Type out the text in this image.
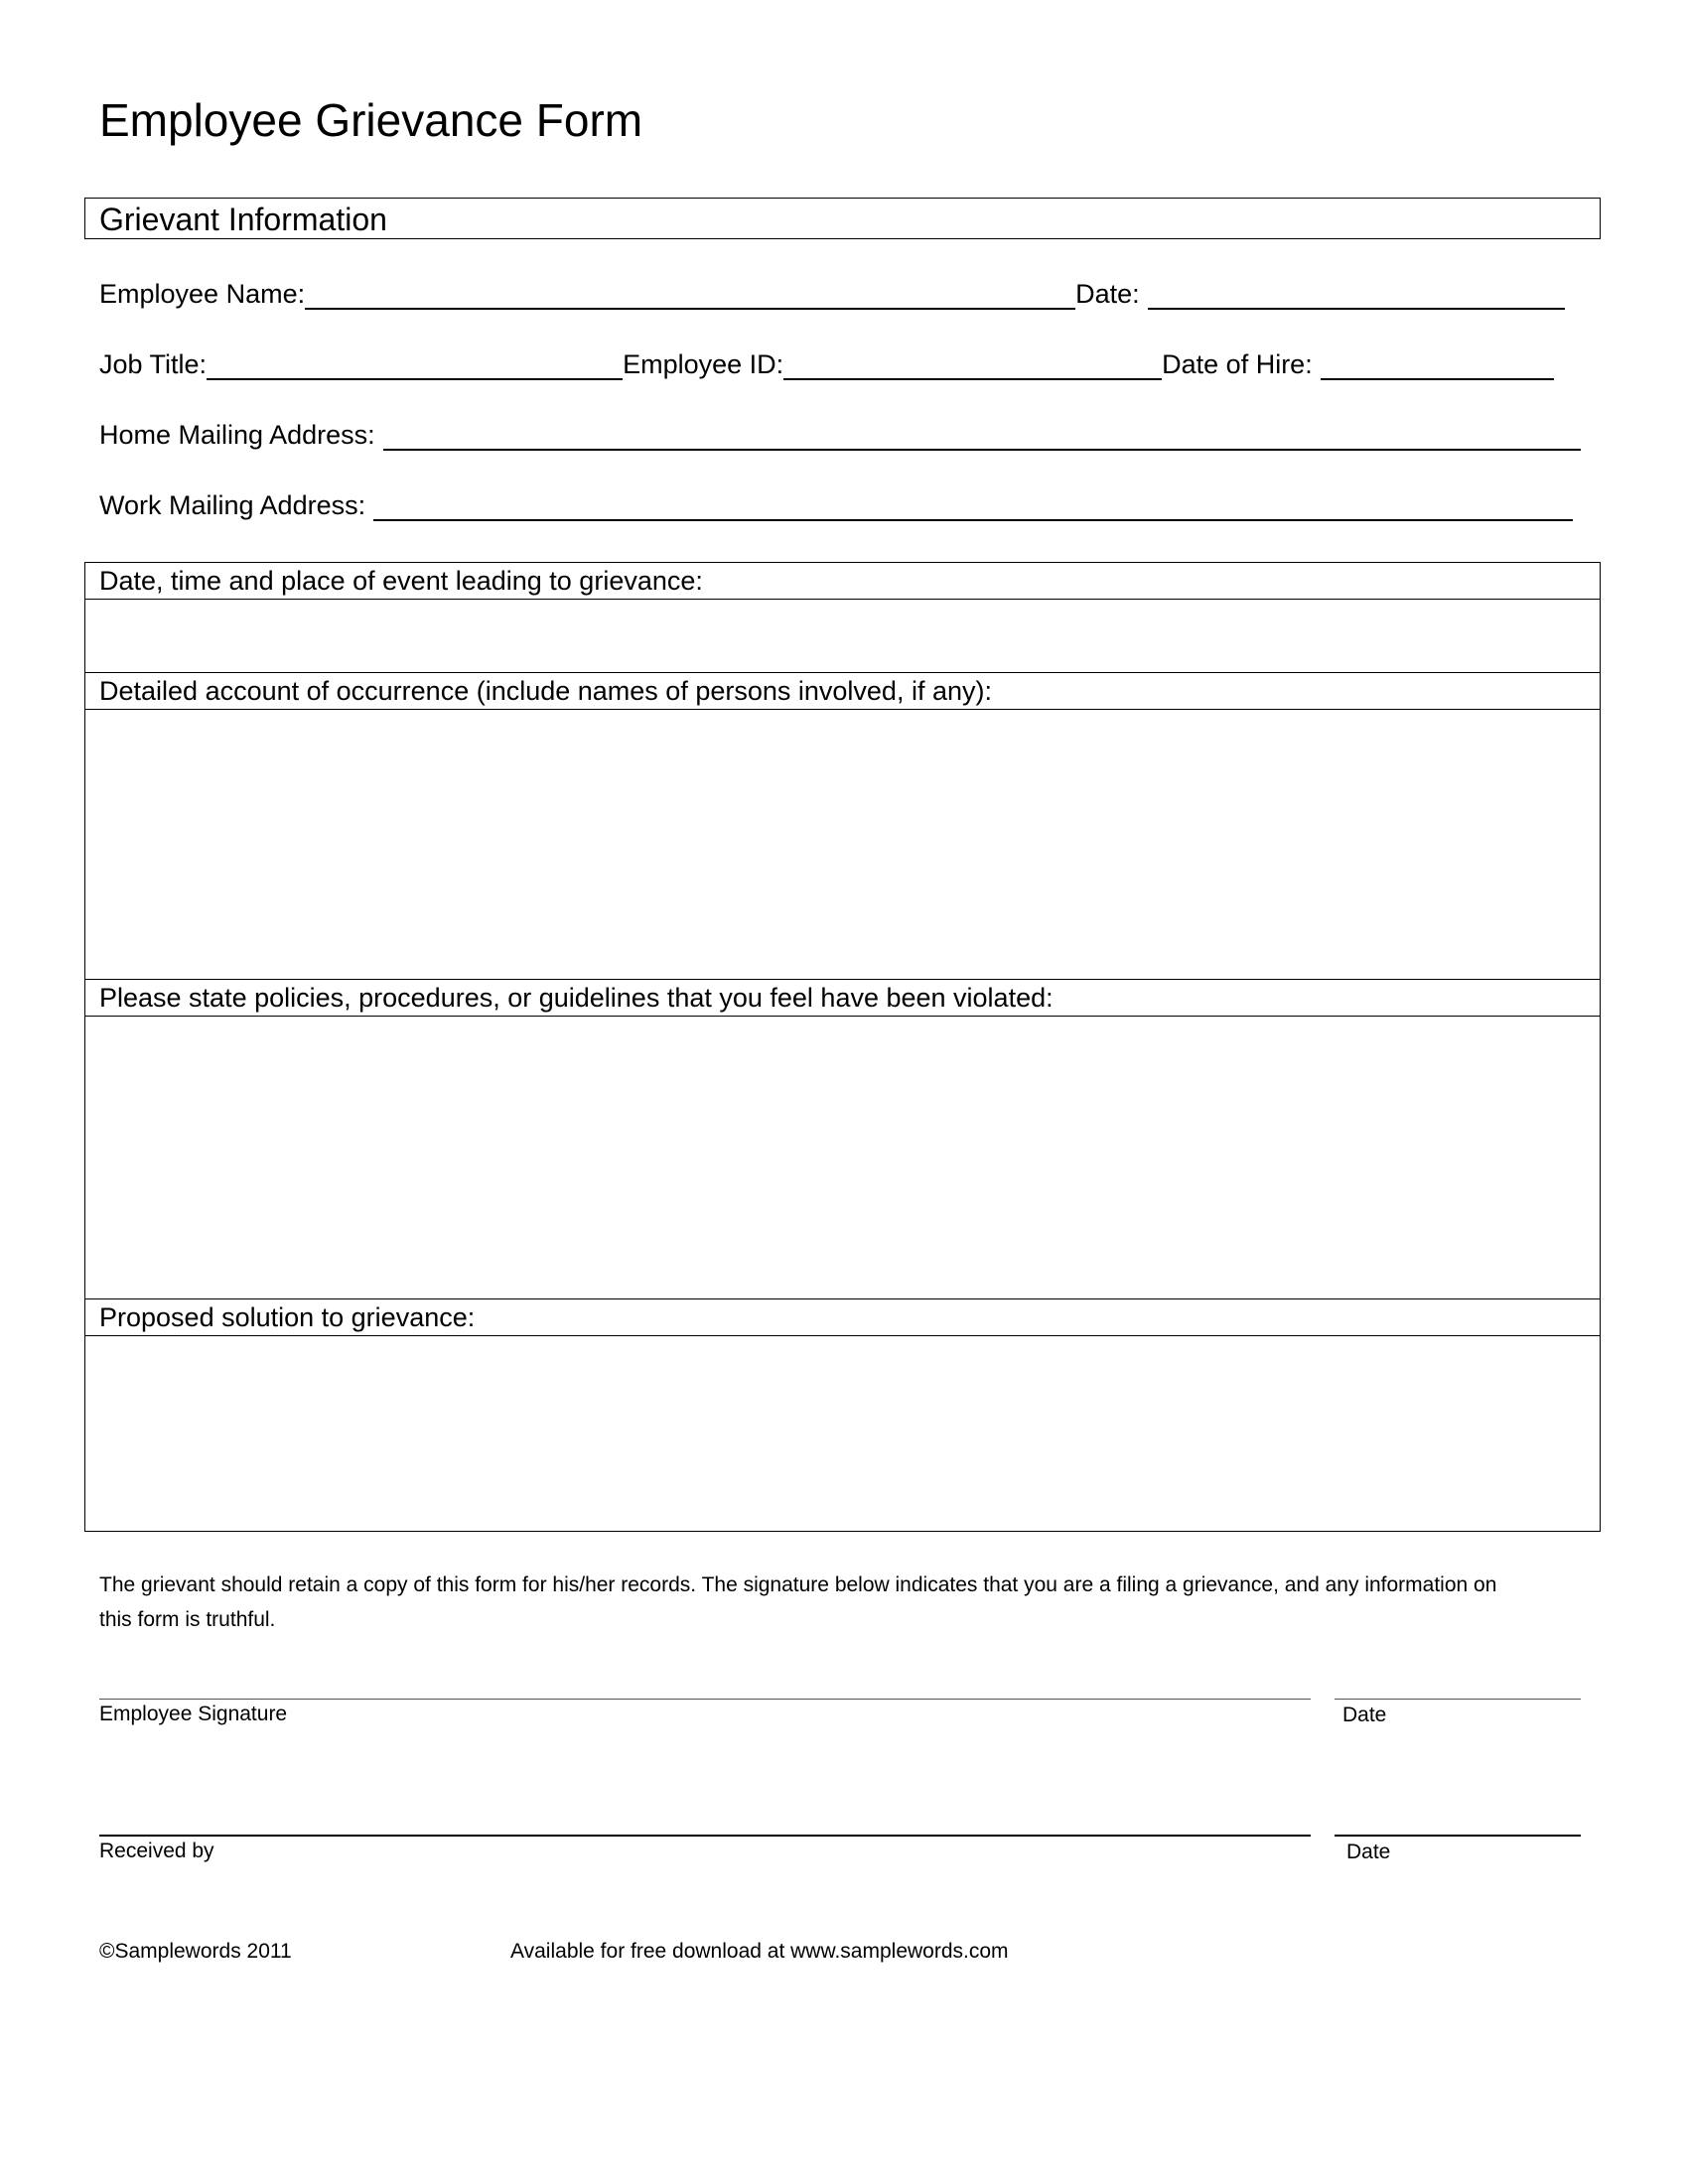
Employee Grievance Form
Grievant Information
Employee Name:	Date:
Job Title:	Employee ID:	Date of Hire:
Home Mailing Address:
Work Mailing Address:
Date, time and place of event leading to grievance:
Detailed account of occurrence (include names of persons involved, if any):
Please state policies, procedures, or guidelines that you feel have been violated:
Proposed solution to grievance:
The grievant should retain a copy of this form for his/her records. The signature below indicates that you are a filing a grievance, and any information on this form is truthful.
Employee Signature	Date
Received by	Date
©Samplewords 2011	Available for free download at www.samplewords.com
